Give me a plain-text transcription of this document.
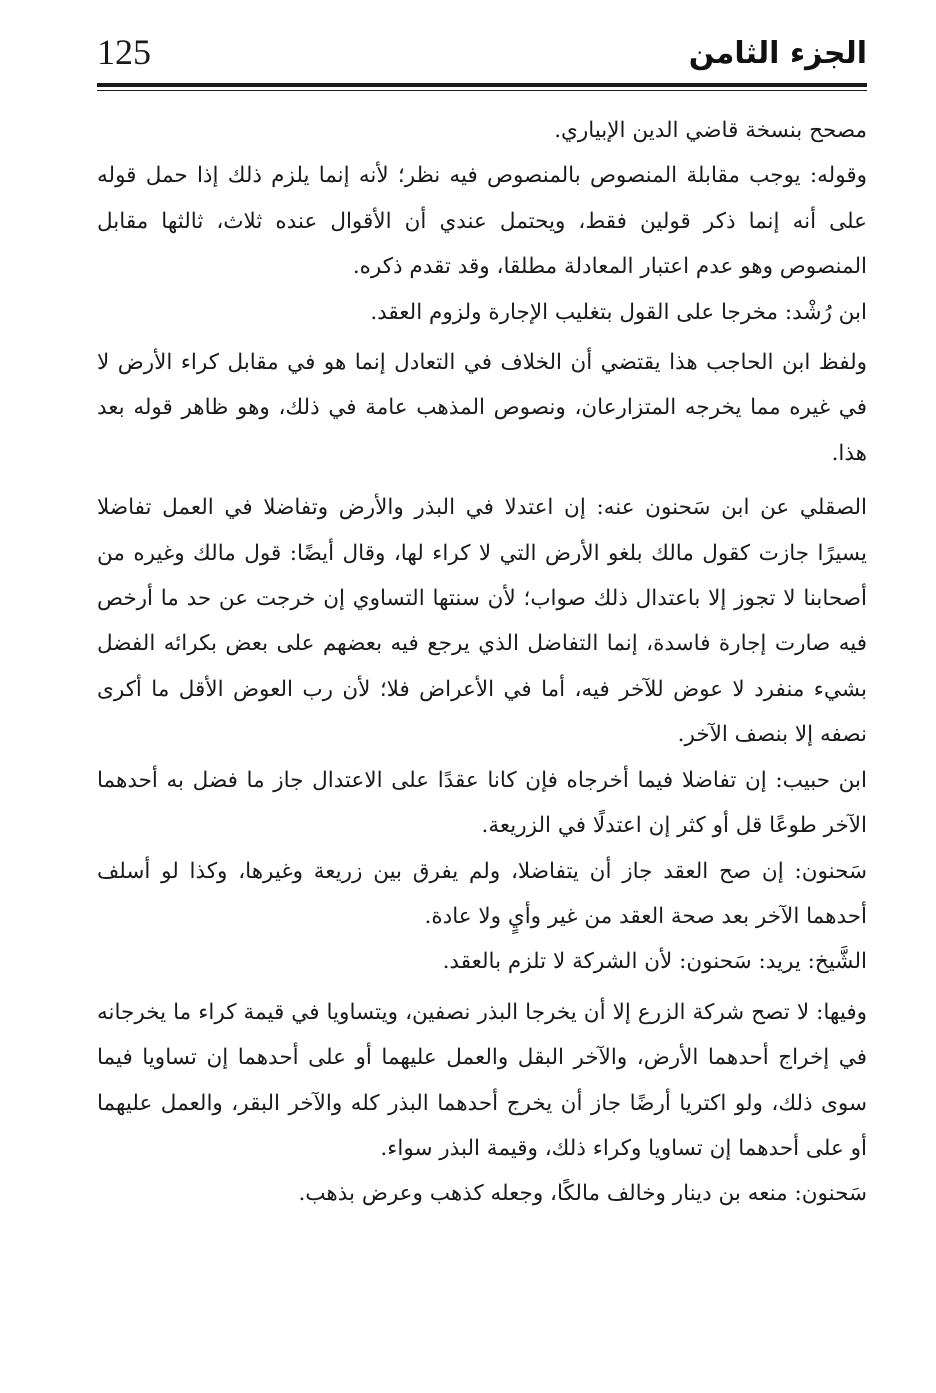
125	الجزء الثامن

مصحح بنسخة قاضي الدين الإبياري.

وقوله: يوجب مقابلة المنصوص بالمنصوص فيه نظر؛ لأنه إنما يلزم ذلك إذا حمل قوله على أنه إنما ذكر قولين فقط، ويحتمل عندي أن الأقوال عنده ثلاث، ثالثها مقابل المنصوص وهو عدم اعتبار المعادلة مطلقا، وقد تقدم ذكره.

ابن رُشْد: مخرجا على القول بتغليب الإجارة ولزوم العقد.

ولفظ ابن الحاجب هذا يقتضي أن الخلاف في التعادل إنما هو في مقابل كراء الأرض لا في غيره مما يخرجه المتزارعان، ونصوص المذهب عامة في ذلك، وهو ظاهر قوله بعد هذا.

الصقلي عن ابن سَحنون عنه: إن اعتدلا في البذر والأرض وتفاضلا في العمل تفاضلا يسيرًا جازت كقول مالك بلغو الأرض التي لا كراء لها، وقال أيضًا: قول مالك وغيره من أصحابنا لا تجوز إلا باعتدال ذلك صواب؛ لأن سنتها التساوي إن خرجت عن حد ما أرخص فيه صارت إجارة فاسدة، إنما التفاضل الذي يرجع فيه بعضهم على بعض بكرائه الفضل بشيء منفرد لا عوض للآخر فيه، أما في الأعراض فلا؛ لأن رب العوض الأقل ما أكرى نصفه إلا بنصف الآخر.

ابن حبيب: إن تفاضلا فيما أخرجاه فإن كانا عقدًا على الاعتدال جاز ما فضل به أحدهما الآخر طوعًا قل أو كثر إن اعتدلًا في الزريعة.

سَحنون: إن صح العقد جاز أن يتفاضلا، ولم يفرق بين زريعة وغيرها، وكذا لو أسلف أحدهما الآخر بعد صحة العقد من غير وأيٍ ولا عادة.

الشَّيخ: يريد: سَحنون: لأن الشركة لا تلزم بالعقد.

وفيها: لا تصح شركة الزرع إلا أن يخرجا البذر نصفين، ويتساويا في قيمة كراء ما يخرجانه في إخراج أحدهما الأرض، والآخر البقل والعمل عليهما أو على أحدهما إن تساويا فيما سوى ذلك، ولو اكتريا أرضًا جاز أن يخرج أحدهما البذر كله والآخر البقر، والعمل عليهما أو على أحدهما إن تساويا وكراء ذلك، وقيمة البذر سواء.

سَحنون: منعه بن دينار وخالف مالكًا، وجعله كذهب وعرض بذهب.
